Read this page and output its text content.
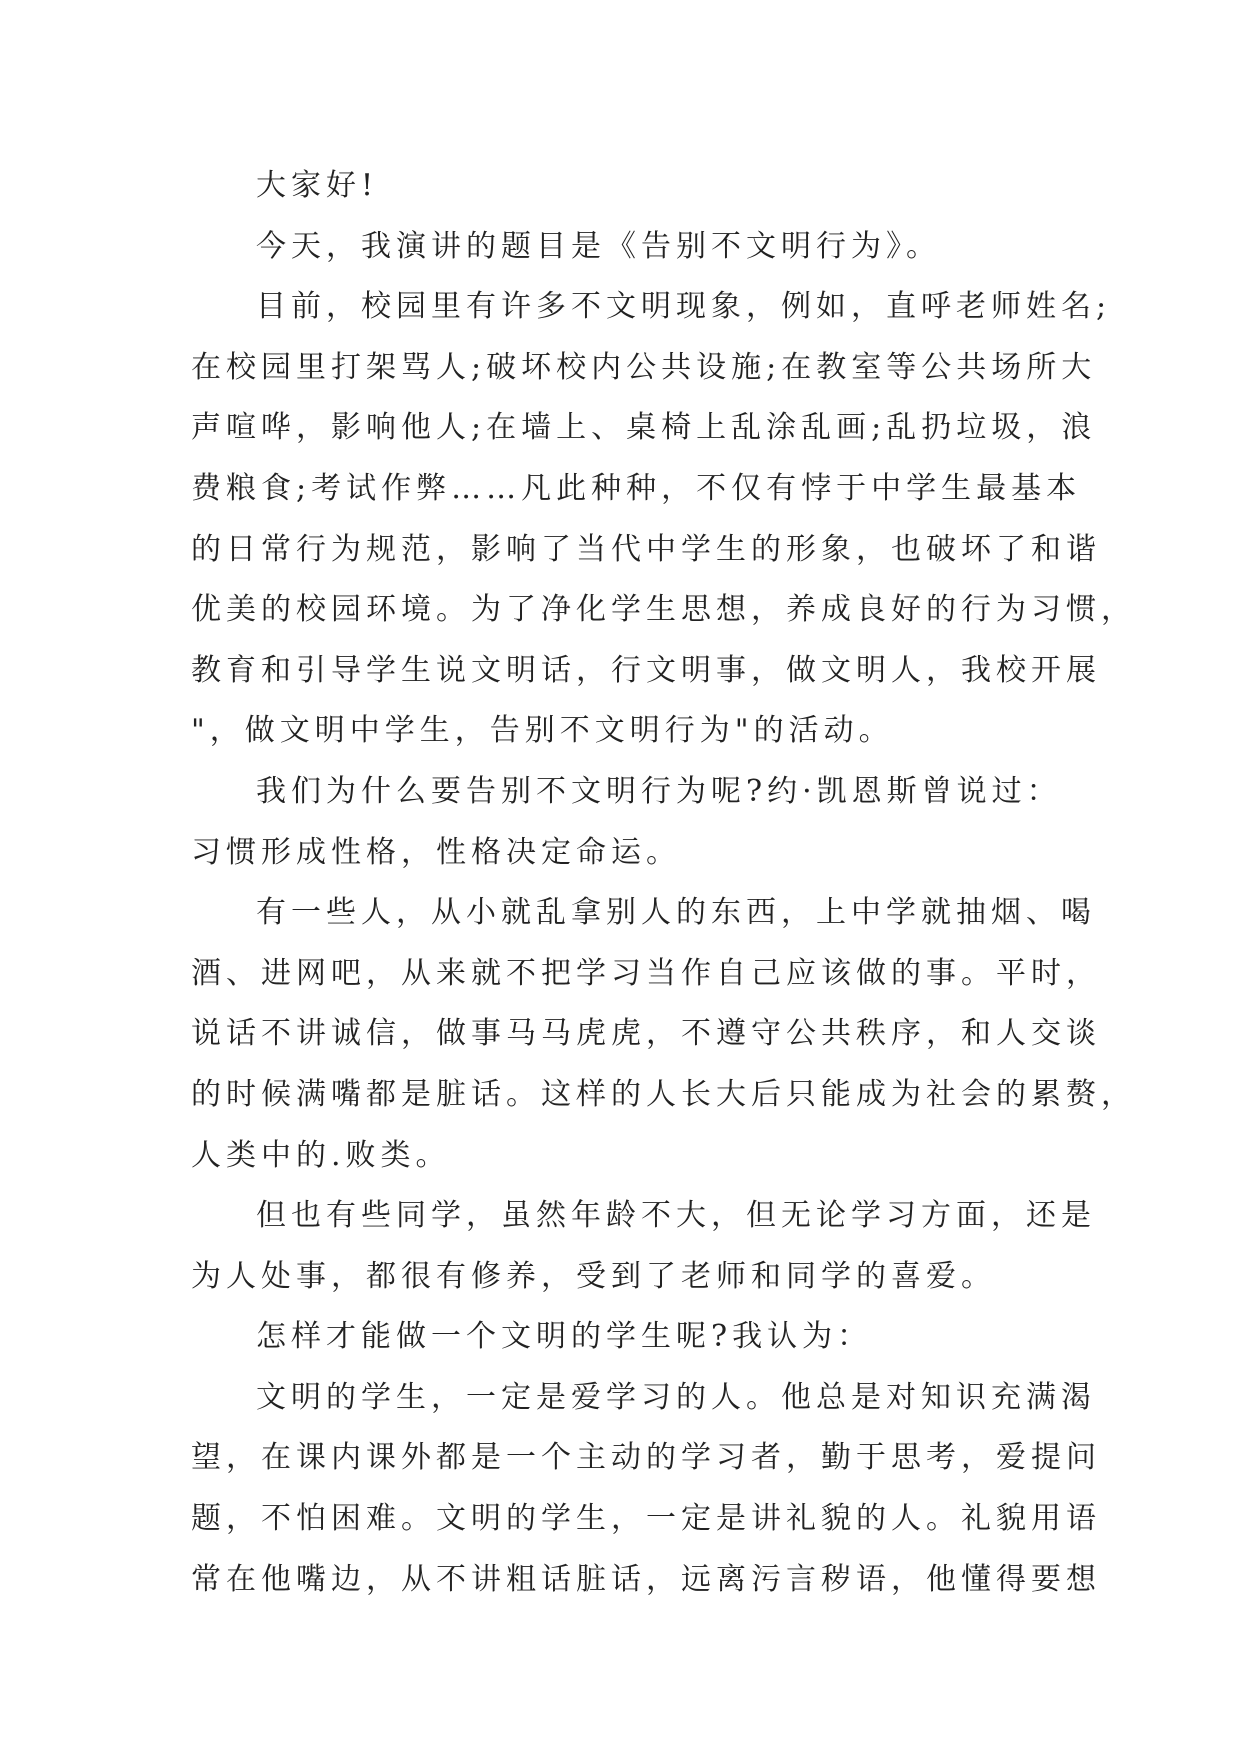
大家好!
今天，我演讲的题目是《告别不文明行为》。
目前，校园里有许多不文明现象，例如，直呼老师姓名;
在校园里打架骂人;破坏校内公共设施;在教室等公共场所大
声喧哗，影响他人;在墙上、桌椅上乱涂乱画;乱扔垃圾，浪
费粮食;考试作弊……凡此种种，不仅有悖于中学生最基本
的日常行为规范，影响了当代中学生的形象，也破坏了和谐
优美的校园环境。为了净化学生思想，养成良好的行为习惯，
教育和引导学生说文明话，行文明事，做文明人，我校开展
"，做文明中学生，告别不文明行为"的活动。
我们为什么要告别不文明行为呢?约·凯恩斯曾说过：
习惯形成性格，性格决定命运。
有一些人，从小就乱拿别人的东西，上中学就抽烟、喝
酒、进网吧，从来就不把学习当作自己应该做的事。平时，
说话不讲诚信，做事马马虎虎，不遵守公共秩序，和人交谈
的时候满嘴都是脏话。这样的人长大后只能成为社会的累赘，
人类中的.败类。
但也有些同学，虽然年龄不大，但无论学习方面，还是
为人处事，都很有修养，受到了老师和同学的喜爱。
怎样才能做一个文明的学生呢?我认为：
文明的学生，一定是爱学习的人。他总是对知识充满渴
望，在课内课外都是一个主动的学习者，勤于思考，爱提问
题，不怕困难。文明的学生，一定是讲礼貌的人。礼貌用语
常在他嘴边，从不讲粗话脏话，远离污言秽语，他懂得要想
